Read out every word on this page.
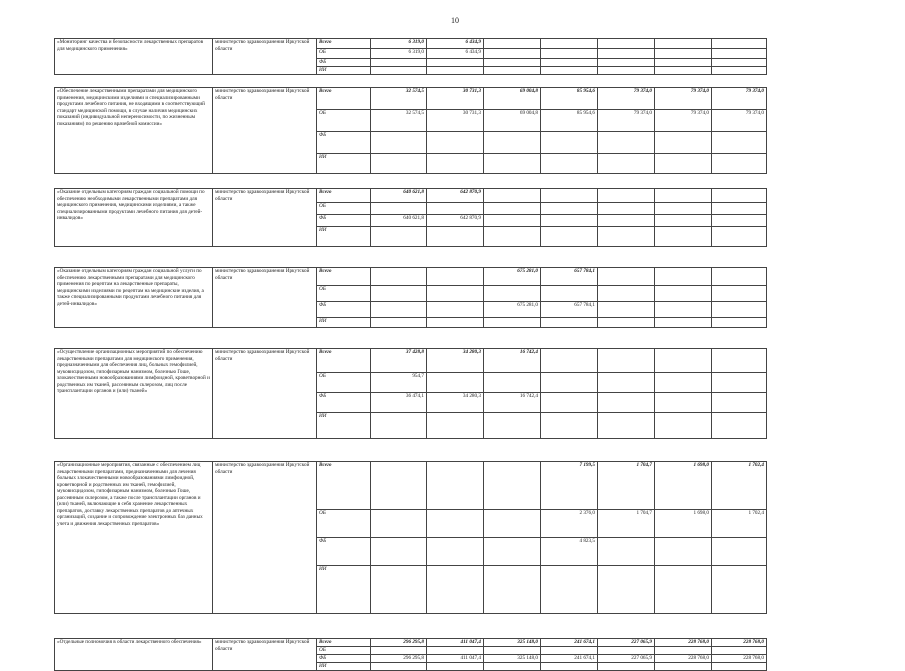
10
«Мониторинг качества и безопасности лекарственных препаратов для медицинского применения»	министерство здравоохранения Иркутской области	Всего	6 319,0	6 434,9					
		ОБ	6 319,0	6 434,9					
		ФБ							
		ИИ							

«Обеспечение лекарственными препаратами для медицинского применения, медицинскими изделиями и специализированными продуктами лечебного питания, не входящими в соответствующий стандарт медицинской помощи, в случае наличия медицинских показаний (индивидуальной непереносимости, по жизненным показаниям) по решению врачебной комиссии»	министерство здравоохранения Иркутской области	Всего	32 574,5	30 731,3	69 004,8	85 954,6	79 374,0	79 374,0	79 374,0
		ОБ	32 574,5	30 731,3	69 004,8	85 954,6	79 374,0	79 374,0	79 374,0
		ФБ							
		ИИ							

«Оказание отдельным категориям граждан социальной помощи по обеспечению необходимыми лекарственными препаратами для медицинского применения, медицинскими изделиями, а также специализированными продуктами лечебного питания для детей-инвалидов»	министерство здравоохранения Иркутской области	Всего	640 621,8	642 870,9					
		ОБ							
		ФБ	640 621,8	642 870,9					
		ИИ							

«Оказание отдельным категориям граждан социальной услуги по обеспечению лекарственными препаратами для медицинского применения по рецептам на лекарственные препараты, медицинскими изделиями по рецептам на медицинские изделия, а также специализированными продуктами лечебного питания для детей-инвалидов»	министерство здравоохранения Иркутской области	Всего			675 281,0	657 784,1			
		ОБ							
		ФБ			675 281,0	657 784,1			
		ИИ							

«Осуществление организационных мероприятий по обеспечению лекарственными препаратами для медицинского применения, предназначенными для обеспечения лиц, больных гемофилией, муковисцидозом, гипофизарным нанизмом, болезнью Гоше, злокачественными новообразованиями лимфоидной, кроветворной и родственных им тканей, рассеянным склерозом, лиц после трансплантации органов и (или) тканей»	министерство здравоохранения Иркутской области	Всего	37 428,8	34 280,3	16 742,4				
		ОБ	954,7						
		ФБ	36 474,1	34 280,3	16 742,4				
		ИИ							

«Организационные мероприятия, связанные с обеспечением лиц лекарственными препаратами, предназначенными для лечения больных злокачественными новообразованиями лимфоидной, кроветворной и родственных им тканей, гемофилией, муковисцидозом, гипофизарным нанизмом, болезнью Гоше, рассеянным склерозом, а также после трансплантации органов и (или) тканей, включающие в себя хранение лекарственных препаратов, доставку лекарственных препаратов до аптечных организаций, создание и сопровождение электронных баз данных учета и движения лекарственных препаратов»	министерство здравоохранения Иркутской области	Всего				7 199,5	1 704,7	1 698,0	1 702,4
		ОБ				2 376,0	1 704,7	1 698,0	1 702,4
		ФБ				4 823,5			
		ИИ							

«Отдельные полномочия в области лекарственного обеспечения»	министерство здравоохранения Иркутской области	Всего	296 295,8	411 047,4	325 148,0	241 674,1	227 065,9	228 768,0	228 768,0
		ОБ							
		ФБ	296 295,8	411 047,4	325 148,0	241 674,1	227 065,9	228 768,0	228 768,0
		ИИ							
